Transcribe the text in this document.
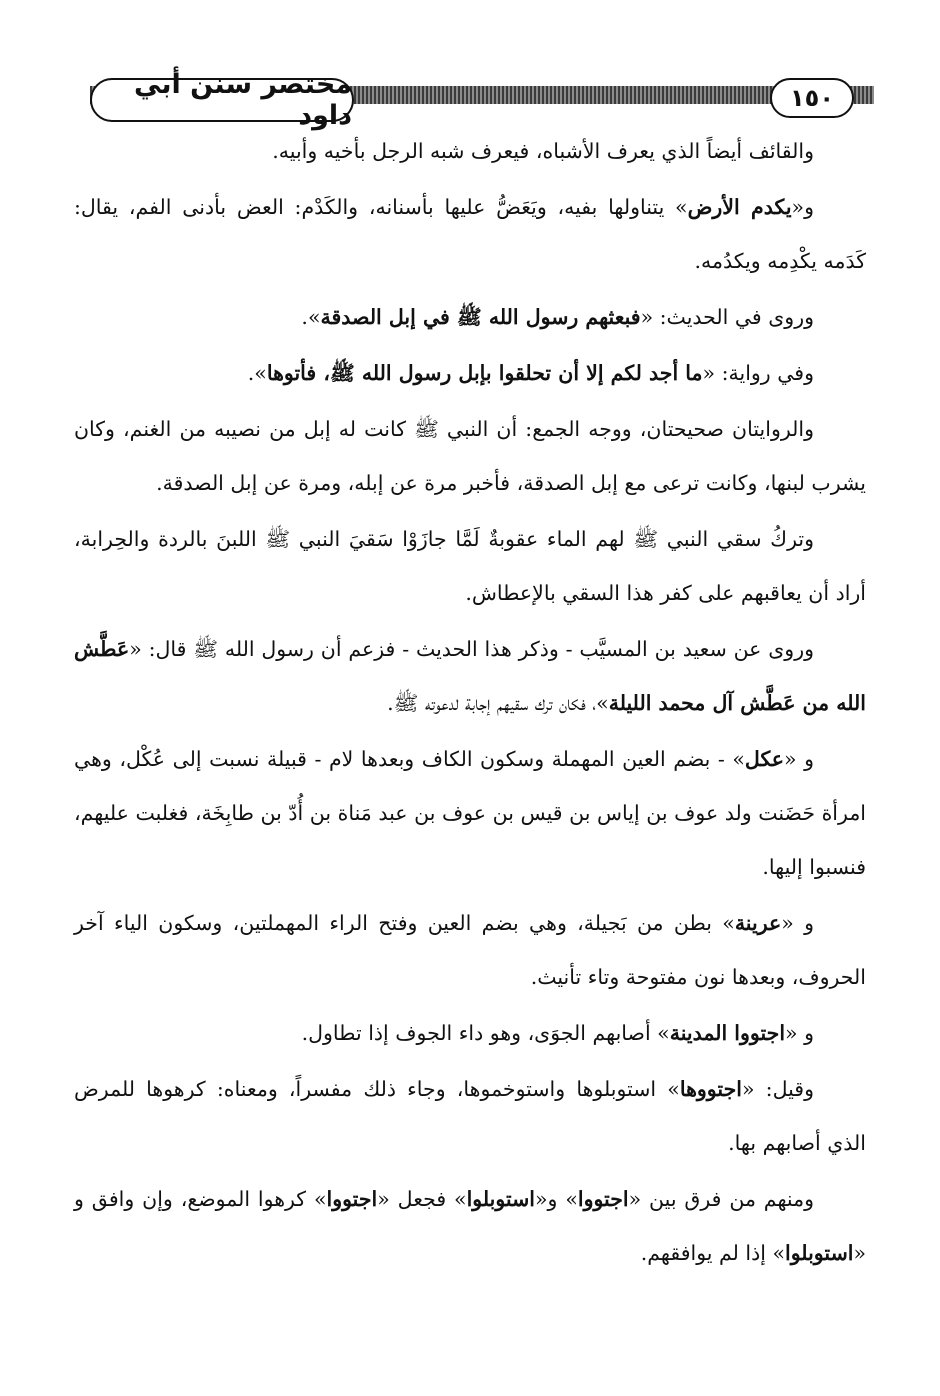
مختصر سنن أبي داود
١٥٠

والقائف أيضاً الذي يعرف الأشباه، فيعرف شبه الرجل بأخيه وأبيه.

و«يكدم الأرض» يتناولها بفيه، ويَعَضُّ عليها بأسنانه، والكَدْم: العض بأدنى الفم، يقال: كَدَمه يكْدِمه ويكدُمه.

وروى في الحديث: «فبعثهم رسول الله ﷺ في إبل الصدقة».

وفي رواية: «ما أجد لكم إلا أن تحلقوا بإبل رسول الله ﷺ، فأتوها».

والروايتان صحيحتان، ووجه الجمع: أن النبي ﷺ كانت له إبل من نصيبه من الغنم، وكان يشرب لبنها، وكانت ترعى مع إبل الصدقة، فأخبر مرة عن إبله، ومرة عن إبل الصدقة.

وتركُ سقي النبي ﷺ لهم الماء عقوبةٌ لَمَّا جازَوْا سَقيَ النبي ﷺ اللبنَ بالردة والحِرابة، أراد أن يعاقبهم على كفر هذا السقي بالإعطاش.

وروى عن سعيد بن المسيَّب - وذكر هذا الحديث - فزعم أن رسول الله ﷺ قال: «عَطَّش الله من عَطَّش آل محمد الليلة»، فكان ترك سقيهم إجابة لدعوته ﷺ.

و «عكل» - بضم العين المهملة وسكون الكاف وبعدها لام - قبيلة نسبت إلى عُكْل، وهي امرأة حَضَنت ولد عوف بن إياس بن قيس بن عوف بن عبد مَناة بن أُدّ بن طابِخَة، فغلبت عليهم، فنسبوا إليها.

و «عرينة» بطن من بَجيلة، وهي بضم العين وفتح الراء المهملتين، وسكون الياء آخر الحروف، وبعدها نون مفتوحة وتاء تأنيث.

و «اجتووا المدينة» أصابهم الجوَى، وهو داء الجوف إذا تطاول.

وقيل: «اجتووها» استوبلوها واستوخموها، وجاء ذلك مفسراً، ومعناه: كرهوها للمرض الذي أصابهم بها.

ومنهم من فرق بين «اجتووا» و«استوبلوا» فجعل «اجتووا» كرهوا الموضع، وإن وافق و «استوبلوا» إذا لم يوافقهم.
